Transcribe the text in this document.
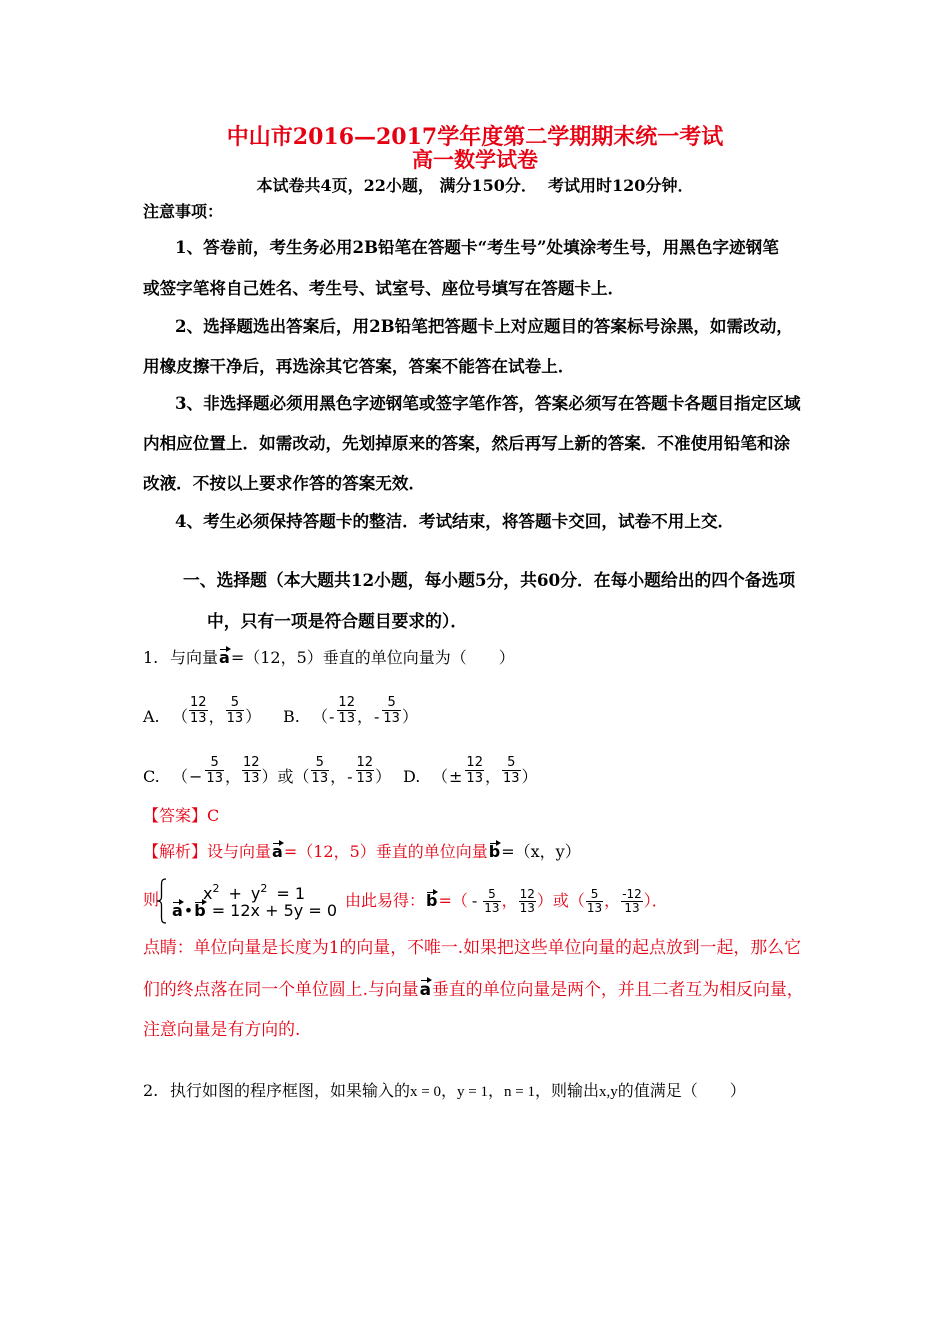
中山市2016—2017学年度第二学期期末统一考试
高一数学试卷
本试卷共4页，22小题， 满分150分．  考试用时120分钟．
注意事项：
1、答卷前，考生务必用2B铅笔在答题卡“考生号”处填涂考生号，用黑色字迹钢笔
或签字笔将自己姓名、考生号、试室号、座位号填写在答题卡上．
2、选择题选出答案后，用2B铅笔把答题卡上对应题目的答案标号涂黑，如需改动，
用橡皮擦干净后，再选涂其它答案，答案不能答在试卷上．
3、非选择题必须用黑色字迹钢笔或签字笔作答，答案必须写在答题卡各题目指定区域
内相应位置上．如需改动，先划掉原来的答案，然后再写上新的答案．不准使用铅笔和涂
改液．不按以上要求作答的答案无效．
4、考生必须保持答题卡的整洁．考试结束，将答题卡交回，试卷不用上交．
一、选择题（本大题共12小题，每小题5分，共60分．在每小题给出的四个备选项
中，只有一项是符合题目要求的）．
1. 与向量a=（12，5）垂直的单位向量为（　　）
A. （ $\frac{12}{13}$ ， $\frac{5}{13}$ ） B. （- $\frac{12}{13}$ ，- $\frac{5}{13}$ ）
C. （− $\frac{5}{13}$ ， $\frac{12}{13}$ ）或（ $\frac{5}{13}$ ，- $\frac{12}{13}$ ） D. （± $\frac{12}{13}$ ， $\frac{5}{13}$ ）
【答案】C
【解析】设与向量a=（12，5）垂直的单位向量b=（x，y）
则	$x^2 + y^2 = 1$
a•b = 12x + 5y = 0
由此易得：$b=( - \frac{5}{13}$ ， $\frac{12}{13}$ ）或（ $\frac{5}{13}$ ， $\frac{-12}{13}$ ）．
点睛：单位向量是长度为1的向量，不唯一.如果把这些单位向量的起点放到一起，那么它
们的终点落在同一个单位圆上.与向量a垂直的单位向量是两个，并且二者互为相反向量，
注意向量是有方向的.
2. 执行如图的程序框图，如果输入的x = 0，y = 1，n = 1，则输出x,y的值满足（　　）
